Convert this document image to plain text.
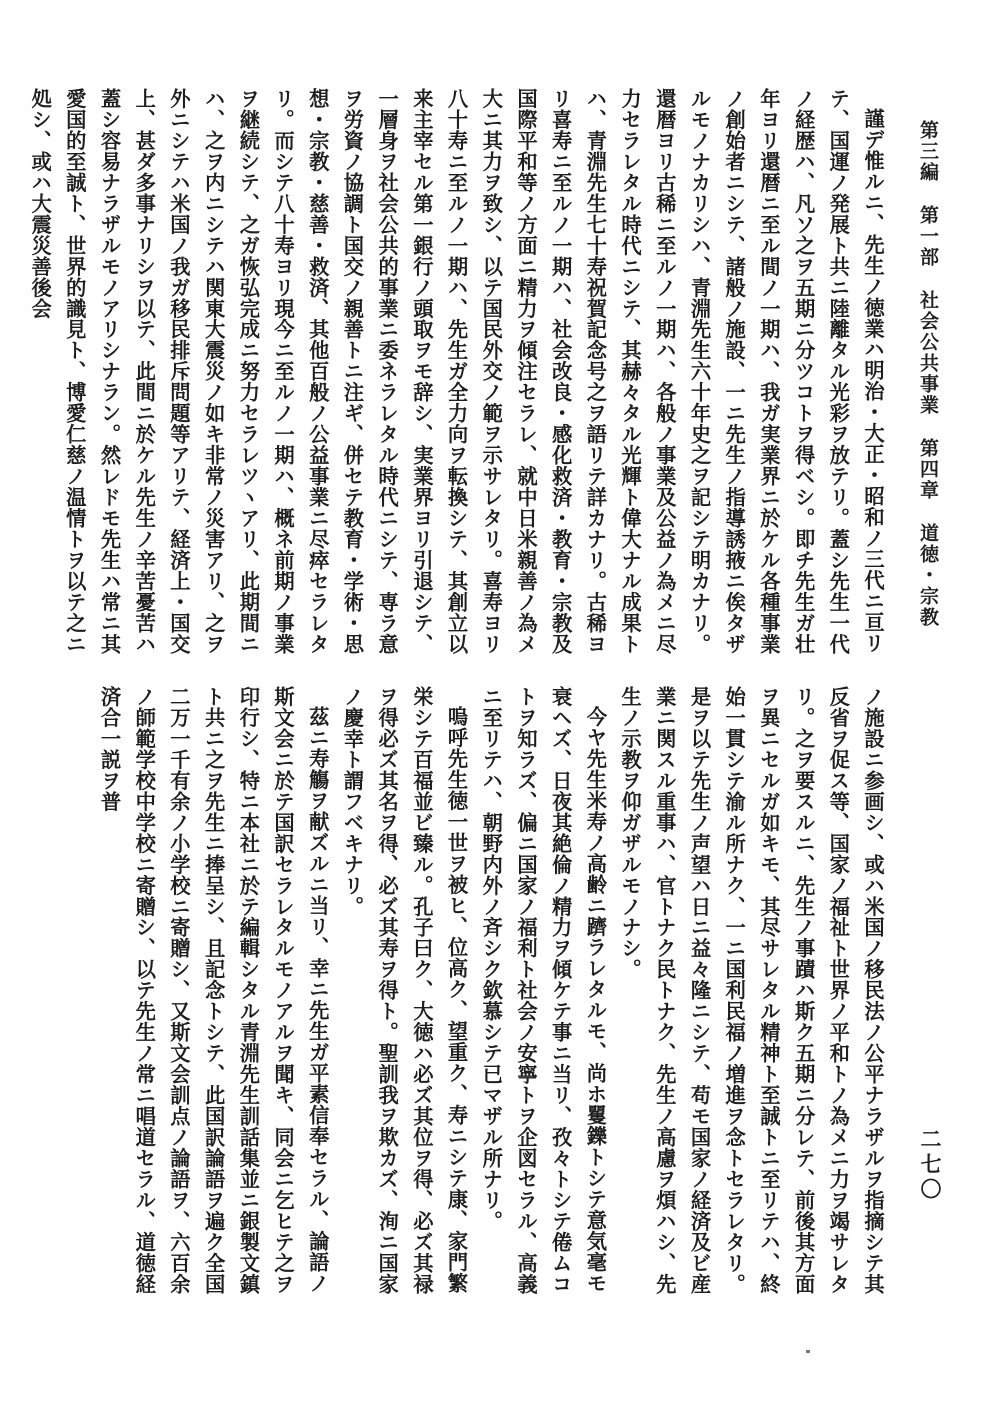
第三編第一部社会公共事業第四章道徳・宗教
二七〇

謹デ惟ルニ、先生ノ徳業ハ明治・大正・昭和ノ三代ニ亘リテ、国運ノ発展ト共ニ陸離タル光彩ヲ放テリ。蓋シ先生一代ノ経歴ハ、凡ソ之ヲ五期ニ分ツコトヲ得ベシ。即チ先生ガ壮年ヨリ還暦ニ至ル間ノ一期ハ、我ガ実業界ニ於ケル各種事業ノ創始者ニシテ、諸般ノ施設、一ニ先生ノ指導誘掖ニ俟タザルモノナカリシハ、青淵先生六十年史之ヲ記シテ明カナリ。還暦ヨリ古稀ニ至ルノ一期ハ、各般ノ事業及公益ノ為メニ尽力セラレタル時代ニシテ、其赫々タル光輝ト偉大ナル成果トハ、青淵先生七十寿祝賀記念号之ヲ語リテ詳カナリ。古稀ヨリ喜寿ニ至ルノ一期ハ、社会改良・感化救済・教育・宗教及国際平和等ノ方面ニ精力ヲ傾注セラレ、就中日米親善ノ為メ大ニ其力ヲ致シ、以テ国民外交ノ範ヲ示サレタリ。喜寿ヨリ八十寿ニ至ルノ一期ハ、先生ガ全力向ヲ転換シテ、其創立以来主宰セル第一銀行ノ頭取ヲモ辞シ、実業界ヨリ引退シテ、一層身ヲ社会公共的事業ニ委ネラレタル時代ニシテ、専ラ意ヲ労資ノ協調ト国交ノ親善トニ注ギ、併セテ教育・学術・思想・宗教・慈善・救済、其他百般ノ公益事業ニ尽瘁セラレタリ。而シテ八十寿ヨリ現今ニ至ルノ一期ハ、概ネ前期ノ事業ヲ継続シテ、之ガ恢弘完成ニ努力セラレツヽアリ、此期間ニハ、之ヲ内ニシテハ関東大震災ノ如キ非常ノ災害アリ、之ヲ外ニシテハ米国ノ我ガ移民排斥問題等アリテ、経済上・国交上、甚ダ多事ナリシヲ以テ、此間ニ於ケル先生ノ辛苦憂苦ハ蓋シ容易ナラザルモノアリシナラン。然レドモ先生ハ常ニ其愛国的至誠ト、世界的識見ト、博愛仁慈ノ温情トヲ以テ之ニ処シ、或ハ大震災善後会

ノ施設ニ参画シ、或ハ米国ノ移民法ノ公平ナラザルヲ指摘シテ其反省ヲ促ス等、国家ノ福祉ト世界ノ平和トノ為メニ力ヲ竭サレタリ。之ヲ要スルニ、先生ノ事蹟ハ斯ク五期ニ分レテ、前後其方面ヲ異ニセルガ如キモ、其尽サレタル精神ト至誠トニ至リテハ、終始一貫シテ渝ル所ナク、一ニ国利民福ノ増進ヲ念トセラレタリ。是ヲ以テ先生ノ声望ハ日ニ益々隆ニシテ、苟モ国家ノ経済及ビ産業ニ関スル重事ハ、官トナク民トナク、先生ノ高慮ヲ煩ハシ、先生ノ示教ヲ仰ガザルモノナシ。

今ヤ先生米寿ノ高齢ニ躋ラレタルモ、尚ホ矍鑠トシテ意気毫モ衰ヘズ、日夜其絶倫ノ精力ヲ傾ケテ事ニ当リ、孜々トシテ倦ムコトヲ知ラズ、偏ニ国家ノ福利ト社会ノ安寧トヲ企図セラル、高義ニ至リテハ、朝野内外ノ斉シク欽慕シテ已マザル所ナリ。

嗚呼先生徳一世ヲ被ヒ、位高ク、望重ク、寿ニシテ康、家門繁栄シテ百福並ビ臻ル。孔子曰ク、大徳ハ必ズ其位ヲ得、必ズ其禄ヲ得必ズ其名ヲ得、必ズ其寿ヲ得ト。聖訓我ヲ欺カズ、洵ニ国家ノ慶幸ト謂フベキナリ。

茲ニ寿觴ヲ献ズルニ当リ、幸ニ先生ガ平素信奉セラル、論語ノ斯文会ニ於テ国訳セラレタルモノアルヲ聞キ、同会ニ乞ヒテ之ヲ印行シ、特ニ本社ニ於テ編輯シタル青淵先生訓話集並ニ銀製文鎮ト共ニ之ヲ先生ニ捧呈シ、且記念トシテ、此国訳論語ヲ遍ク全国二万一千有余ノ小学校ニ寄贈シ、又斯文会訓点ノ論語ヲ、六百余ノ師範学校中学校ニ寄贈シ、以テ先生ノ常ニ唱道セラル、道徳経済合一説ヲ普
